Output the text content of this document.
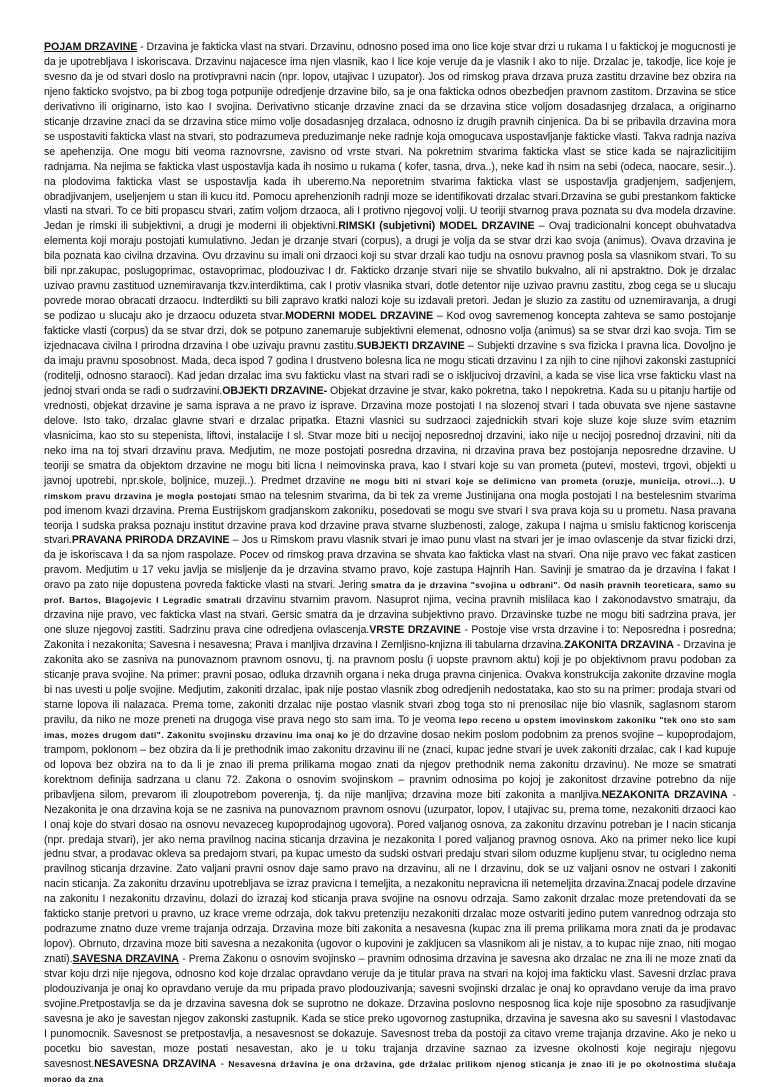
POJAM DRZAVINE - Drzavina je fakticka vlast na stvari. Drzavinu, odnosno posed ima ono lice koje stvar drzi u rukama I u faktickoj je mogucnosti je da je upotrebljava I iskoriscava. Drzavinu najacesce ima njen vlasnik, kao I lice koje veruje da je vlasnik I ako to nije. Drzalac je, takodje, lice koje je svesno da je od stvari doslo na protivpravni nacin (npr. lopov, utajivac I uzupator). Jos od rimskog prava drzava pruza zastitu drzavine bez obzira na njeno fakticko svojstvo, pa bi zbog toga potpunije odredjenje drzavine bilo, sa je ona fakticka odnos obezbedjen pravnom zastitom. Drzavina se stice derivativno ili originarno, isto kao I svojina. Derivativno sticanje drzavine znaci da se drzavina stice voljom dosadasnjeg drzalaca, a originarno sticanje drzavine znaci da se drzavina stice mimo volje dosadasnjeg drzalaca, odnosno iz drugih pravnih cinjenica. Da bi se pribavila drzavina mora se uspostaviti fakticka vlast na stvari, sto podrazumeva preduzimanje neke radnje koja omogucava uspostavljanje fakticke vlasti. Takva radnja naziva se apehenzija. One mogu biti veoma raznovrsne, zavisno od vrste stvari. Na pokretnim stvarima fakticka vlast se stice kada se najrazlicitijim radnjama. Na nejima se fakticka vlast uspostavlja kada ih nosimo u rukama ( kofer, tasna, drva..), neke kad ih nsim na sebi (odeca, naocare, sesir..). na plodovima fakticka vlast se uspostavlja kada ih uberemo.Na neporetnim stvarima fakticka vlast se uspostavlja gradjenjem, sadjenjem, obradjivanjem, useljenjem u stan ili kucu itd. Pomocu aprehenzionih radnji moze se identifikovati drzalac stvari.Drzavina se gubi prestankom fakticke vlasti na stvari. To ce biti propascu stvari, zatim voljom drzaoca, ali I protivno njegovoj volji. U teoriji stvarnog prava poznata su dva modela drzavine. Jedan je rimski ili subjektivni, a drugi je moderni ili objektivni.RIMSKI (subjetivni) MODEL DRZAVINE – Ovaj tradicionalni koncept obuhvatadva elementa koji moraju postojati kumulativno. Jedan je drzanje stvari (corpus), a drugi je volja da se stvar drzi kao svoja (animus). Ovava drzavina je bila poznata kao civilna drzavina. Ovu drzavinu su imali oni drzaoci koji su stvar drzali kao tudju na osnovu pravnog posla sa vlasnikom stvari. To su bili npr.zakupac, poslugoprimac, ostavoprimac, plodouzivac I dr. Fakticko drzanje stvari nije se shvatilo bukvalno, ali ni apstraktno. Dok je drzalac uzivao pravnu zastituod uznemiravanja tkzv.interdiktima, cak I protiv vlasnika stvari, dotle detentor nije uzivao pravnu zastitu, zbog cega se u slucaju povrede morao obracati drzaocu. Indterdikti su bili zapravo kratki nalozi koje su izdavali pretori. Jedan je sluzio za zastitu od uznemiravanja, a drugi se podizao u slucaju ako je drzaocu oduzeta stvar.MODERNI MODEL DRZAVINE – Kod ovog savremenog koncepta zahteva se samo postojanje fakticke vlasti (corpus) da se stvar drzi, dok se potpuno zanemaruje subjektivni elemenat, odnosno volja (animus) sa se stvar drzi kao svoja. Tim se izjednacava civilna I prirodna drzavina I obe uzivaju pravnu zastitu.SUBJEKTI DRZAVINE – Subjekti drzavine s sva fizicka I pravna lica. Dovoljno je da imaju pravnu sposobnost. Mada, deca ispod 7 godina I drustveno bolesna lica ne mogu sticati drzavinu I za njih to cine njihovi zakonski zastupnici (roditelji, odnosno staraoci). Kad jedan drzalac ima svu fakticku vlast na stvari radi se o iskljucivoj drzavini, a kada se vise lica vrse fakticku vlast na jednoj stvari onda se radi o sudrzavini.OBJEKTI DRZAVINE- Objekat drzavine je stvar, kako pokretna, tako I nepokretna. Kada su u pitanju hartije od vrednosti, objekat drzavine je sama isprava a ne pravo iz isprave. Drzavina moze postojati I na slozenoj stvari I tada obuvata sve njene sastavne delove. Isto tako, drzalac glavne stvari e drzalac pripatka. Etazni vlasnici su sudrzaoci zajednickih stvari koje sluze koje sluze svim etaznim vlasnicima, kao sto su stepenista, liftovi, instalacije I sl. Stvar moze biti u necijoj neposrednoj drzavini, iako nije u necijoj posrednoj drzavini, niti da neko ima na toj stvari drzavinu prava. Medjutim, ne moze postojati posredna drzavina, ni drzavina prava bez postojanja neposredne drzavine. U teoriji se smatra da objektom drzavine ne mogu biti licna I neimovinska prava, kao I stvari koje su van prometa (putevi, mostevi, trgovi, objekti u javnoj upotrebi, npr.skole, boljnice, muzeji..). Predmet drzavine ne mogu biti ni stvari koje se delimicno van prometa (oruzje, municija, otrovi...). U rimskom pravu drzavina je mogla postojati smao na telesnim stvarima, da bi tek za vreme Justinijana ona mogla postojati I na bestelesnim stvarima pod imenom kvazi drzavina. Prema Eustrijskom gradjanskom zakoniku, posedovati se mogu sve stvari I sva prava koja su u prometu. Nasa pravana teorija I sudska praksa poznaju institut drzavine prava kod drzavine prava stvarne sluzbenosti, zaloge, zakupa I najma u smislu fakticnog koriscenja stvari.PRAVANA PRIRODA DRZAVINE – Jos u Rimskom pravu vlasnik stvari je imao punu vlast na stvari jer je imao ovlascenje da stvar fizicki drzi, da je iskoriscava I da sa njom raspolaze. Pocev od rimskog prava drzavina se shvata kao fakticka vlast na stvari. Ona nije pravo vec fakat zasticen pravom. Medjutim u 17 veku javlja se misljenje da je drzavina stvarno pravo, koje zastupa Hajnrih Han. Savinji je smatrao da je drzavina I fakat I oravo pa zato nije dopustena povreda fakticke vlasti na stvari. Jering smatra da je drzavina "svojina u odbrani". Od nasih pravnih teoreticara, samo su prof. Bartos, Blagojevic I Legradic smatrali drzavinu stvarnim pravom. Nasuprot njima, vecina pravnih mislilaca kao I zakonodavstvo smatraju, da drzavina nije pravo, vec fakticka vlast na stvari. Gersic smatra da je drzavina subjektivno pravo. Drzavinske tuzbe ne mogu biti sadrzina prava, jer one sluze njegovoj zastiti. Sadrzinu prava cine odredjena ovlascenja.VRSTE DRZAVINE - Postoje vise vrsta drzavine i to: Neposredna i posredna; Zakonita i nezakonita; Savesna i nesavesna; Prava i manljiva drzavina I Zemljisno-knjizna ili tabularna drzavina.ZAKONITA DRZAVINA - Drzavina je zakonita ako se zasniva na punovaznom pravnom osnovu, tj. na pravnom poslu (i uopste pravnom aktu) koji je po objektivnom pravu podoban za sticanje prava svojine. Na primer: pravni posao, odluka drzavnih organa i neka druga pravna cinjenica. Ovakva konstrukcija zakonite drzavine mogla bi nas uvesti u polje svojine. Medjutim, zakoniti drzalac, ipak nije postao vlasnik zbog odredjenih nedostataka, kao sto su na primer: prodaja stvari od starne lopova ili nalazaca. Prema tome, zakoniti drzalac nije postao vlasnik stvari zbog toga sto ni prenosilac nije bio vlasnik, saglasnom starom pravilu, da niko ne moze preneti na drugoga vise prava nego sto sam ima. To je veoma lepo receno u opstem imovinskom zakoniku "tek ono sto sam imas, mozes drugom dati". Zakonitu svojinsku drzavinu ima onaj ko je do drzavine dosao nekim poslom podobnim za prenos svojine – kupoprodajom, trampom, poklonom – bez obzira da li je prethodnik imao zakonitu drzavinu ili ne (znaci, kupac jedne stvari je uvek zakoniti drzalac, cak I kad kupuje od lopova bez obzira na to da li je znao ili prema prilikama mogao znati da njegov prethodnik nema zakonitu drzavinu). Ne moze se smatrati korektnom definija sadrzana u clanu 72. Zakona o osnovim svojinskom – pravnim odnosima po kojoj je zakonitost drzavine potrebno da nije pribavljena silom, prevarom ili zloupotrebom poverenja, tj. da nije manljiva; drzavina moze biti zakonita a manljiva.NEZAKONITA DRZAVINA - Nezakonita je ona drzavina koja se ne zasniva na punovaznom pravnom osnovu (uzurpator, lopov, I utajivac su, prema tome, nezakoniti drzaoci kao I onaj koje do stvari dosao na osnovu nevazeceg kupoprodajnog ugovora). Pored valjanog osnova, za zakonitu drzavinu potreban je I nacin sticanja (npr. predaja stvari), jer ako nema pravilnog nacina sticanja drzavina je nezakonita I pored valjanog pravnog osnova. Ako na primer neko lice kupi jednu stvar, a prodavac okleva sa predajom stvari, pa kupac umesto da sudski ostvari predaju stvari silom oduzme kupljenu stvar, tu ocigledno nema pravilnog sticanja drzavine. Zato valjani pravni osnov daje samo pravo na drzavinu, ali ne I drzavinu, dok se uz valjani osnov ne ostvari I zakoniti nacin sticanja. Za zakonitu drzavinu upotrebljava se izraz pravicna I temeljita, a nezakonitu nepravicna ili netemeljita drzavina.Znacaj podele drzavine na zakonitu I nezakonitu drzavinu, dolazi do izrazaj kod sticanja prava svojine na osnovu odrzaja. Samo zakonit drzalac moze pretendovati da se fakticko stanje pretvori u pravno, uz krace vreme odrzaja, dok takvu pretenziju nezakoniti drzalac moze ostvariti jedino putem vanrednog odrzaja sto podrazume znatno duze vreme trajanja odrzaja. Drzavina moze biti zakonita a nesavesna (kupac zna ili prema prilikama mora znati da je prodavac lopov). Obrnuto, drzavina moze biti savesna a nezakonita (ugovor o kupovini je zakljucen sa vlasnikom ali je nistav, a to kupac nije znao, niti mogao znati).SAVESNA DRZAVINA - Prema Zakonu o osnovim svojinsko – pravnim odnosima drzavina je savesna ako drzalac ne zna ili ne moze znati da stvar koju drzi nije njegova, odnosno kod koje drzalac opravdano veruje da je titular prava na stvari na kojoj ima fakticku vlast. Savesni drzlac prava plodouzivanja je onaj ko opravdano veruje da mu pripada pravo plodouzivanja; savesni svojinski drzalac je onaj ko opravdano veruje da ima pravo svojine.Pretpostavlja se da je drzavina savesna dok se suprotno ne dokaze. Drzavina poslovno nesposnog lica koje nije sposobno za rasudjivanje savesna je ako je savestan njegov zakonski zastupnik. Kada se stice preko ugovornog zastupnika, drzavina je savesna ako su savesni I vlastodavac I punomocnik. Savesnost se pretpostavlja, a nesavesnost se dokazuje. Savesnost treba da postoji za citavo vreme trajanja drzavine. Ako je neko u pocetku bio savestan, moze postati nesavestan, ako je u toku trajanja drzavine saznao za izvesne okolnosti koje negiraju njegovu savesnost.NESAVESNA DRZAVINA - Nesavesna državina je ona državina, gde držalac prilikom njenog sticanja je znao ili je po okolnostima slučaja morao da zna
